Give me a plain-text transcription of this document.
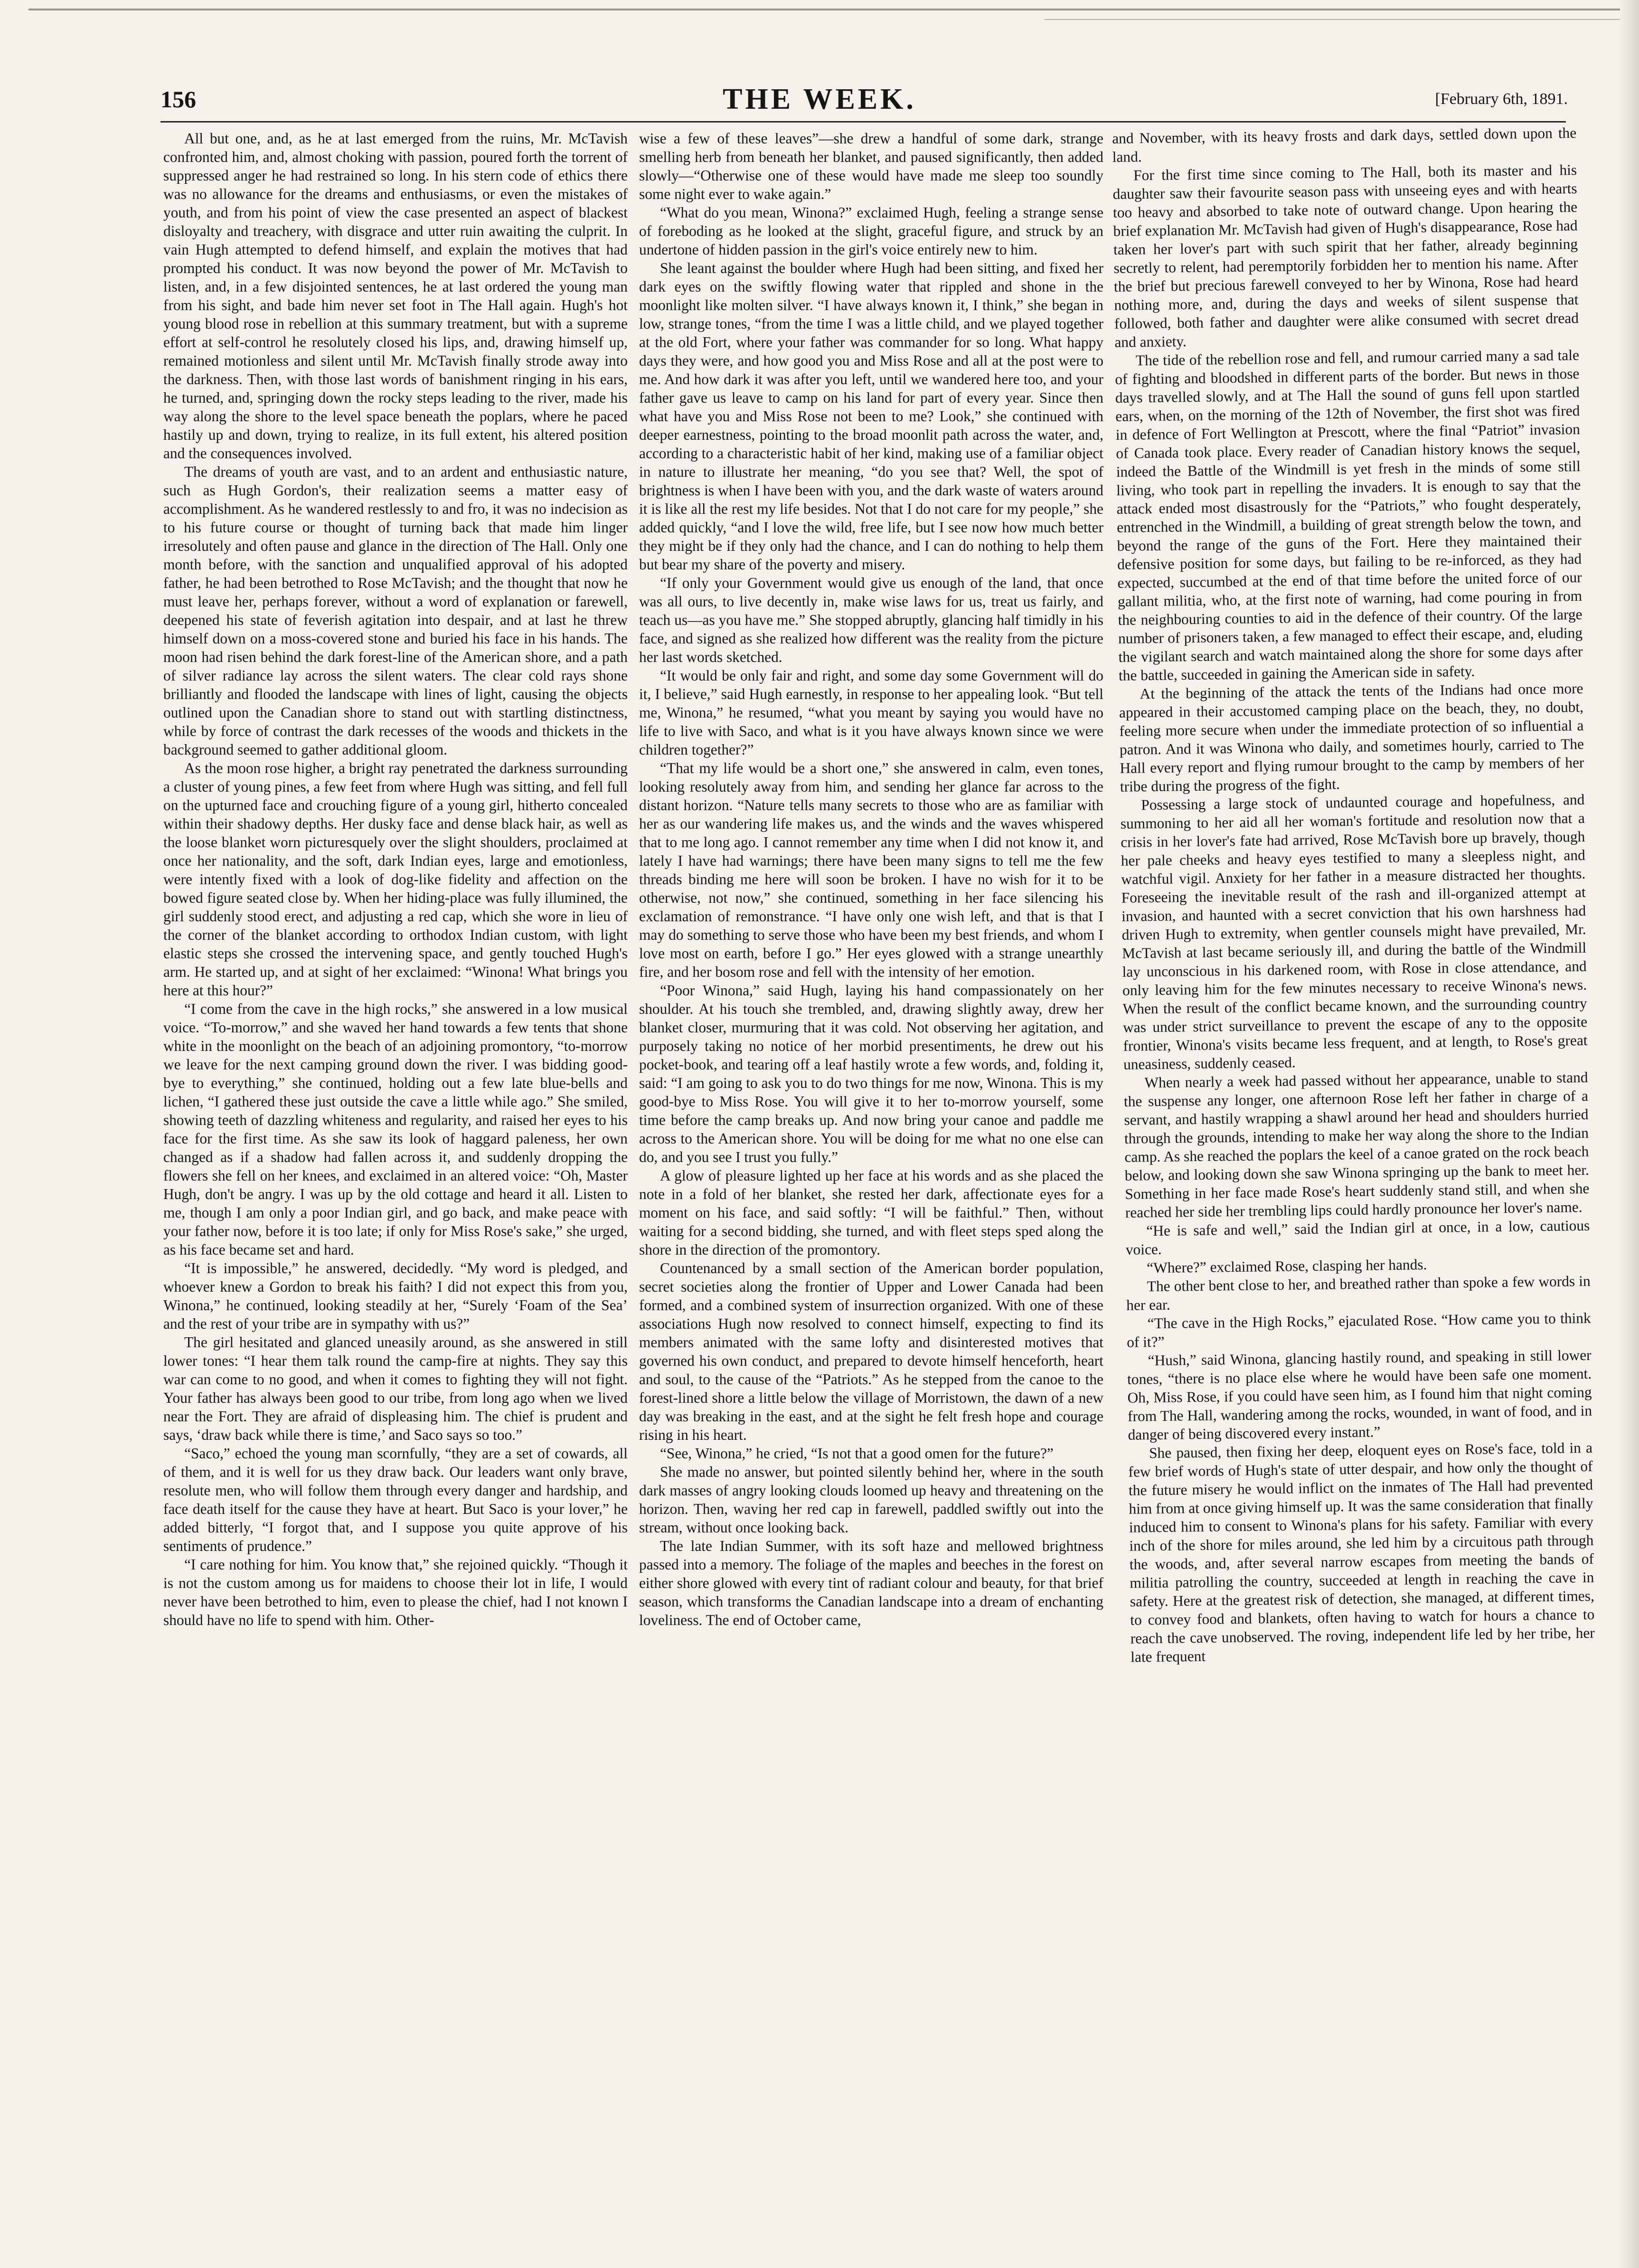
156	THE WEEK.	[February 6th, 1891.

All but one, and, as he at last emerged from the ruins, Mr. McTavish confronted him, and, almost choking with passion, poured forth the torrent of suppressed anger he had restrained so long. In his stern code of ethics there was no allowance for the dreams and enthusiasms, or even the mistakes of youth, and from his point of view the case presented an aspect of blackest disloyalty and treachery, with disgrace and utter ruin awaiting the culprit. In vain Hugh attempted to defend himself, and explain the motives that had prompted his conduct. It was now beyond the power of Mr. McTavish to listen, and, in a few disjointed sentences, he at last ordered the young man from his sight, and bade him never set foot in The Hall again. Hugh's hot young blood rose in rebellion at this summary treatment, but with a supreme effort at self-control he resolutely closed his lips, and, drawing himself up, remained motionless and silent until Mr. McTavish finally strode away into the darkness. Then, with those last words of banishment ringing in his ears, he turned, and, springing down the rocky steps leading to the river, made his way along the shore to the level space beneath the poplars, where he paced hastily up and down, trying to realize, in its full extent, his altered position and the consequences involved.

The dreams of youth are vast, and to an ardent and enthusiastic nature, such as Hugh Gordon's, their realization seems a matter easy of accomplishment. As he wandered restlessly to and fro, it was no indecision as to his future course or thought of turning back that made him linger irresolutely and often pause and glance in the direction of The Hall. Only one month before, with the sanction and unqualified approval of his adopted father, he had been betrothed to Rose McTavish; and the thought that now he must leave her, perhaps forever, without a word of explanation or farewell, deepened his state of feverish agitation into despair, and at last he threw himself down on a moss-covered stone and buried his face in his hands. The moon had risen behind the dark forest-line of the American shore, and a path of silver radiance lay across the silent waters. The clear cold rays shone brilliantly and flooded the landscape with lines of light, causing the objects outlined upon the Canadian shore to stand out with startling distinctness, while by force of contrast the dark recesses of the woods and thickets in the background seemed to gather additional gloom.

As the moon rose higher, a bright ray penetrated the darkness surrounding a cluster of young pines, a few feet from where Hugh was sitting, and fell full on the upturned face and crouching figure of a young girl, hitherto concealed within their shadowy depths. Her dusky face and dense black hair, as well as the loose blanket worn picturesquely over the slight shoulders, proclaimed at once her nationality, and the soft, dark Indian eyes, large and emotionless, were intently fixed with a look of dog-like fidelity and affection on the bowed figure seated close by. When her hiding-place was fully illumined, the girl suddenly stood erect, and adjusting a red cap, which she wore in lieu of the corner of the blanket according to orthodox Indian custom, with light elastic steps she crossed the intervening space, and gently touched Hugh's arm. He started up, and at sight of her exclaimed: “Winona! What brings you here at this hour?”

“I come from the cave in the high rocks,” she answered in a low musical voice. “To-morrow,” and she waved her hand towards a few tents that shone white in the moonlight on the beach of an adjoining promontory, “to-morrow we leave for the next camping ground down the river. I was bidding good-bye to everything,” she continued, holding out a few late blue-bells and lichen, “I gathered these just outside the cave a little while ago.” She smiled, showing teeth of dazzling whiteness and regularity, and raised her eyes to his face for the first time. As she saw its look of haggard paleness, her own changed as if a shadow had fallen across it, and suddenly dropping the flowers she fell on her knees, and exclaimed in an altered voice: “Oh, Master Hugh, don't be angry. I was up by the old cottage and heard it all. Listen to me, though I am only a poor Indian girl, and go back, and make peace with your father now, before it is too late; if only for Miss Rose's sake,” she urged, as his face became set and hard.

“It is impossible,” he answered, decidedly. “My word is pledged, and whoever knew a Gordon to break his faith? I did not expect this from you, Winona,” he continued, looking steadily at her, “Surely ‘Foam of the Sea’ and the rest of your tribe are in sympathy with us?”

The girl hesitated and glanced uneasily around, as she answered in still lower tones: “I hear them talk round the camp-fire at nights. They say this war can come to no good, and when it comes to fighting they will not fight. Your father has always been good to our tribe, from long ago when we lived near the Fort. They are afraid of displeasing him. The chief is prudent and says, ‘draw back while there is time,’ and Saco says so too.”

“Saco,” echoed the young man scornfully, “they are a set of cowards, all of them, and it is well for us they draw back. Our leaders want only brave, resolute men, who will follow them through every danger and hardship, and face death itself for the cause they have at heart. But Saco is your lover,” he added bitterly, “I forgot that, and I suppose you quite approve of his sentiments of prudence.”

“I care nothing for him. You know that,” she rejoined quickly. “Though it is not the custom among us for maidens to choose their lot in life, I would never have been betrothed to him, even to please the chief, had I not known I should have no life to spend with him. Other-

wise a few of these leaves”—she drew a handful of some dark, strange smelling herb from beneath her blanket, and paused significantly, then added slowly—“Otherwise one of these would have made me sleep too soundly some night ever to wake again.”

“What do you mean, Winona?” exclaimed Hugh, feeling a strange sense of foreboding as he looked at the slight, graceful figure, and struck by an undertone of hidden passion in the girl's voice entirely new to him.

She leant against the boulder where Hugh had been sitting, and fixed her dark eyes on the swiftly flowing water that rippled and shone in the moonlight like molten silver. “I have always known it, I think,” she began in low, strange tones, “from the time I was a little child, and we played together at the old Fort, where your father was commander for so long. What happy days they were, and how good you and Miss Rose and all at the post were to me. And how dark it was after you left, until we wandered here too, and your father gave us leave to camp on his land for part of every year. Since then what have you and Miss Rose not been to me? Look,” she continued with deeper earnestness, pointing to the broad moonlit path across the water, and, according to a characteristic habit of her kind, making use of a familiar object in nature to illustrate her meaning, “do you see that? Well, the spot of brightness is when I have been with you, and the dark waste of waters around it is like all the rest my life besides. Not that I do not care for my people,” she added quickly, “and I love the wild, free life, but I see now how much better they might be if they only had the chance, and I can do nothing to help them but bear my share of the poverty and misery.

“If only your Government would give us enough of the land, that once was all ours, to live decently in, make wise laws for us, treat us fairly, and teach us—as you have me.” She stopped abruptly, glancing half timidly in his face, and signed as she realized how different was the reality from the picture her last words sketched.

“It would be only fair and right, and some day some Government will do it, I believe,” said Hugh earnestly, in response to her appealing look. “But tell me, Winona,” he resumed, “what you meant by saying you would have no life to live with Saco, and what is it you have always known since we were children together?”

“That my life would be a short one,” she answered in calm, even tones, looking resolutely away from him, and sending her glance far across to the distant horizon. “Nature tells many secrets to those who are as familiar with her as our wandering life makes us, and the winds and the waves whispered that to me long ago. I cannot remember any time when I did not know it, and lately I have had warnings; there have been many signs to tell me the few threads binding me here will soon be broken. I have no wish for it to be otherwise, not now,” she continued, something in her face silencing his exclamation of remonstrance. “I have only one wish left, and that is that I may do something to serve those who have been my best friends, and whom I love most on earth, before I go.” Her eyes glowed with a strange unearthly fire, and her bosom rose and fell with the intensity of her emotion.

“Poor Winona,” said Hugh, laying his hand compassionately on her shoulder. At his touch she trembled, and, drawing slightly away, drew her blanket closer, murmuring that it was cold. Not observing her agitation, and purposely taking no notice of her morbid presentiments, he drew out his pocket-book, and tearing off a leaf hastily wrote a few words, and, folding it, said: “I am going to ask you to do two things for me now, Winona. This is my good-bye to Miss Rose. You will give it to her to-morrow yourself, some time before the camp breaks up. And now bring your canoe and paddle me across to the American shore. You will be doing for me what no one else can do, and you see I trust you fully.”

A glow of pleasure lighted up her face at his words and as she placed the note in a fold of her blanket, she rested her dark, affectionate eyes for a moment on his face, and said softly: “I will be faithful.” Then, without waiting for a second bidding, she turned, and with fleet steps sped along the shore in the direction of the promontory.

Countenanced by a small section of the American border population, secret societies along the frontier of Upper and Lower Canada had been formed, and a combined system of insurrection organized. With one of these associations Hugh now resolved to connect himself, expecting to find its members animated with the same lofty and disinterested motives that governed his own conduct, and prepared to devote himself henceforth, heart and soul, to the cause of the “Patriots.” As he stepped from the canoe to the forest-lined shore a little below the village of Morristown, the dawn of a new day was breaking in the east, and at the sight he felt fresh hope and courage rising in his heart.

“See, Winona,” he cried, “Is not that a good omen for the future?”

She made no answer, but pointed silently behind her, where in the south dark masses of angry looking clouds loomed up heavy and threatening on the horizon. Then, waving her red cap in farewell, paddled swiftly out into the stream, without once looking back.

The late Indian Summer, with its soft haze and mellowed brightness passed into a memory. The foliage of the maples and beeches in the forest on either shore glowed with every tint of radiant colour and beauty, for that brief season, which transforms the Canadian landscape into a dream of enchanting loveliness. The end of October came,

and November, with its heavy frosts and dark days, settled down upon the land.

For the first time since coming to The Hall, both its master and his daughter saw their favourite season pass with unseeing eyes and with hearts too heavy and absorbed to take note of outward change. Upon hearing the brief explanation Mr. McTavish had given of Hugh's disappearance, Rose had taken her lover's part with such spirit that her father, already beginning secretly to relent, had peremptorily forbidden her to mention his name. After the brief but precious farewell conveyed to her by Winona, Rose had heard nothing more, and, during the days and weeks of silent suspense that followed, both father and daughter were alike consumed with secret dread and anxiety.

The tide of the rebellion rose and fell, and rumour carried many a sad tale of fighting and bloodshed in different parts of the border. But news in those days travelled slowly, and at The Hall the sound of guns fell upon startled ears, when, on the morning of the 12th of November, the first shot was fired in defence of Fort Wellington at Prescott, where the final “Patriot” invasion of Canada took place. Every reader of Canadian history knows the sequel, indeed the Battle of the Windmill is yet fresh in the minds of some still living, who took part in repelling the invaders. It is enough to say that the attack ended most disastrously for the “Patriots,” who fought desperately, entrenched in the Windmill, a building of great strength below the town, and beyond the range of the guns of the Fort. Here they maintained their defensive position for some days, but failing to be re-inforced, as they had expected, succumbed at the end of that time before the united force of our gallant militia, who, at the first note of warning, had come pouring in from the neighbouring counties to aid in the defence of their country. Of the large number of prisoners taken, a few managed to effect their escape, and, eluding the vigilant search and watch maintained along the shore for some days after the battle, succeeded in gaining the American side in safety.

At the beginning of the attack the tents of the Indians had once more appeared in their accustomed camping place on the beach, they, no doubt, feeling more secure when under the immediate protection of so influential a patron. And it was Winona who daily, and sometimes hourly, carried to The Hall every report and flying rumour brought to the camp by members of her tribe during the progress of the fight.

Possessing a large stock of undaunted courage and hopefulness, and summoning to her aid all her woman's fortitude and resolution now that a crisis in her lover's fate had arrived, Rose McTavish bore up bravely, though her pale cheeks and heavy eyes testified to many a sleepless night, and watchful vigil. Anxiety for her father in a measure distracted her thoughts. Foreseeing the inevitable result of the rash and ill-organized attempt at invasion, and haunted with a secret conviction that his own harshness had driven Hugh to extremity, when gentler counsels might have prevailed, Mr. McTavish at last became seriously ill, and during the battle of the Windmill lay unconscious in his darkened room, with Rose in close attendance, and only leaving him for the few minutes necessary to receive Winona's news. When the result of the conflict became known, and the surrounding country was under strict surveillance to prevent the escape of any to the opposite frontier, Winona's visits became less frequent, and at length, to Rose's great uneasiness, suddenly ceased.

When nearly a week had passed without her appearance, unable to stand the suspense any longer, one afternoon Rose left her father in charge of a servant, and hastily wrapping a shawl around her head and shoulders hurried through the grounds, intending to make her way along the shore to the Indian camp. As she reached the poplars the keel of a canoe grated on the rock beach below, and looking down she saw Winona springing up the bank to meet her. Something in her face made Rose's heart suddenly stand still, and when she reached her side her trembling lips could hardly pronounce her lover's name.

“He is safe and well,” said the Indian girl at once, in a low, cautious voice.

“Where?” exclaimed Rose, clasping her hands.

The other bent close to her, and breathed rather than spoke a few words in her ear.

“The cave in the High Rocks,” ejaculated Rose. “How came you to think of it?”

“Hush,” said Winona, glancing hastily round, and speaking in still lower tones, “there is no place else where he would have been safe one moment. Oh, Miss Rose, if you could have seen him, as I found him that night coming from The Hall, wandering among the rocks, wounded, in want of food, and in danger of being discovered every instant.”

She paused, then fixing her deep, eloquent eyes on Rose's face, told in a few brief words of Hugh's state of utter despair, and how only the thought of the future misery he would inflict on the inmates of The Hall had prevented him from at once giving himself up. It was the same consideration that finally induced him to consent to Winona's plans for his safety. Familiar with every inch of the shore for miles around, she led him by a circuitous path through the woods, and, after several narrow escapes from meeting the bands of militia patrolling the country, succeeded at length in reaching the cave in safety. Here at the greatest risk of detection, she managed, at different times, to convey food and blankets, often having to watch for hours a chance to reach the cave unobserved. The roving, independent life led by her tribe, her late frequent
